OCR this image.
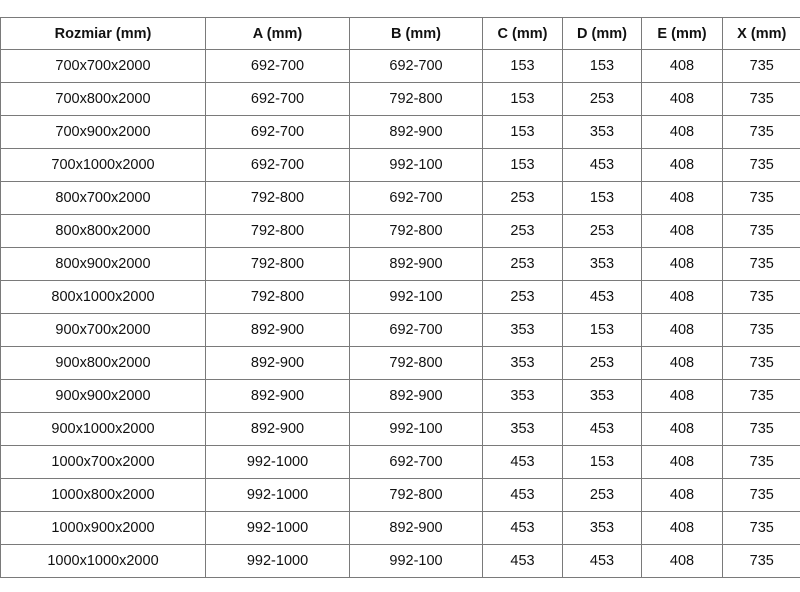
Rozmiar (mm)	A (mm)	B (mm)	C (mm)	D (mm)	E (mm)	X (mm)
700x700x2000	692-700	692-700	153	153	408	735
700x800x2000	692-700	792-800	153	253	408	735
700x900x2000	692-700	892-900	153	353	408	735
700x1000x2000	692-700	992-100	153	453	408	735
800x700x2000	792-800	692-700	253	153	408	735
800x800x2000	792-800	792-800	253	253	408	735
800x900x2000	792-800	892-900	253	353	408	735
800x1000x2000	792-800	992-100	253	453	408	735
900x700x2000	892-900	692-700	353	153	408	735
900x800x2000	892-900	792-800	353	253	408	735
900x900x2000	892-900	892-900	353	353	408	735
900x1000x2000	892-900	992-100	353	453	408	735
1000x700x2000	992-1000	692-700	453	153	408	735
1000x800x2000	992-1000	792-800	453	253	408	735
1000x900x2000	992-1000	892-900	453	353	408	735
1000x1000x2000	992-1000	992-100	453	453	408	735
